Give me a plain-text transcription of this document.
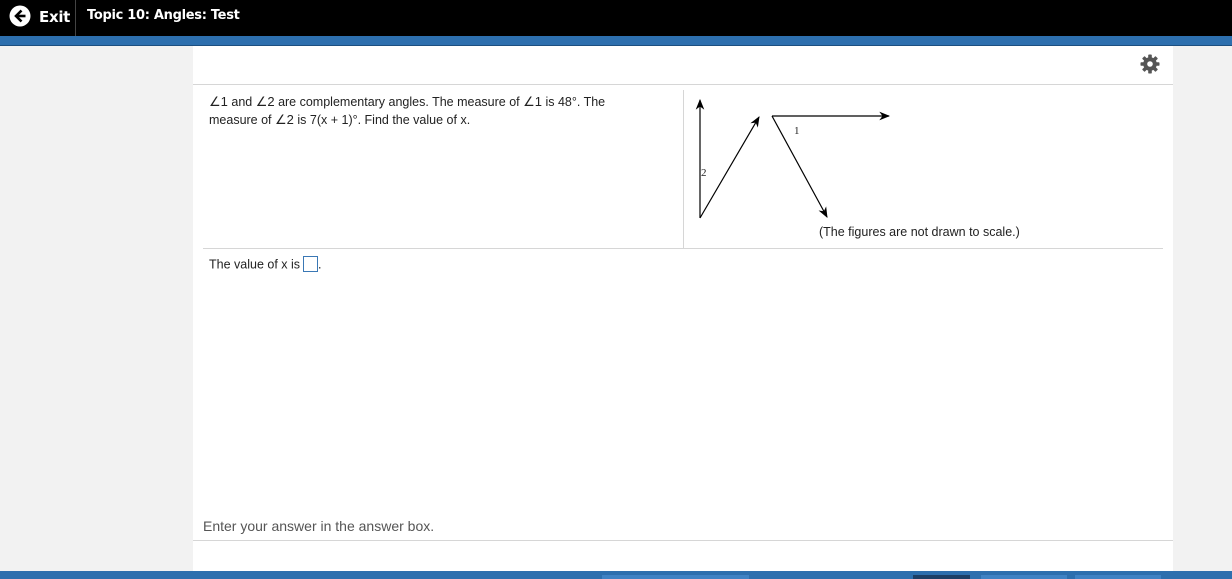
Exit Topic 10: Angles: Test
∠1 and ∠2 are complementary angles. The measure of ∠1 is 48°. The measure of ∠2 is 7(x + 1)°. Find the value of x.
2
1
(The figures are not drawn to scale.)
The value of x is .
Enter your answer in the answer box.
